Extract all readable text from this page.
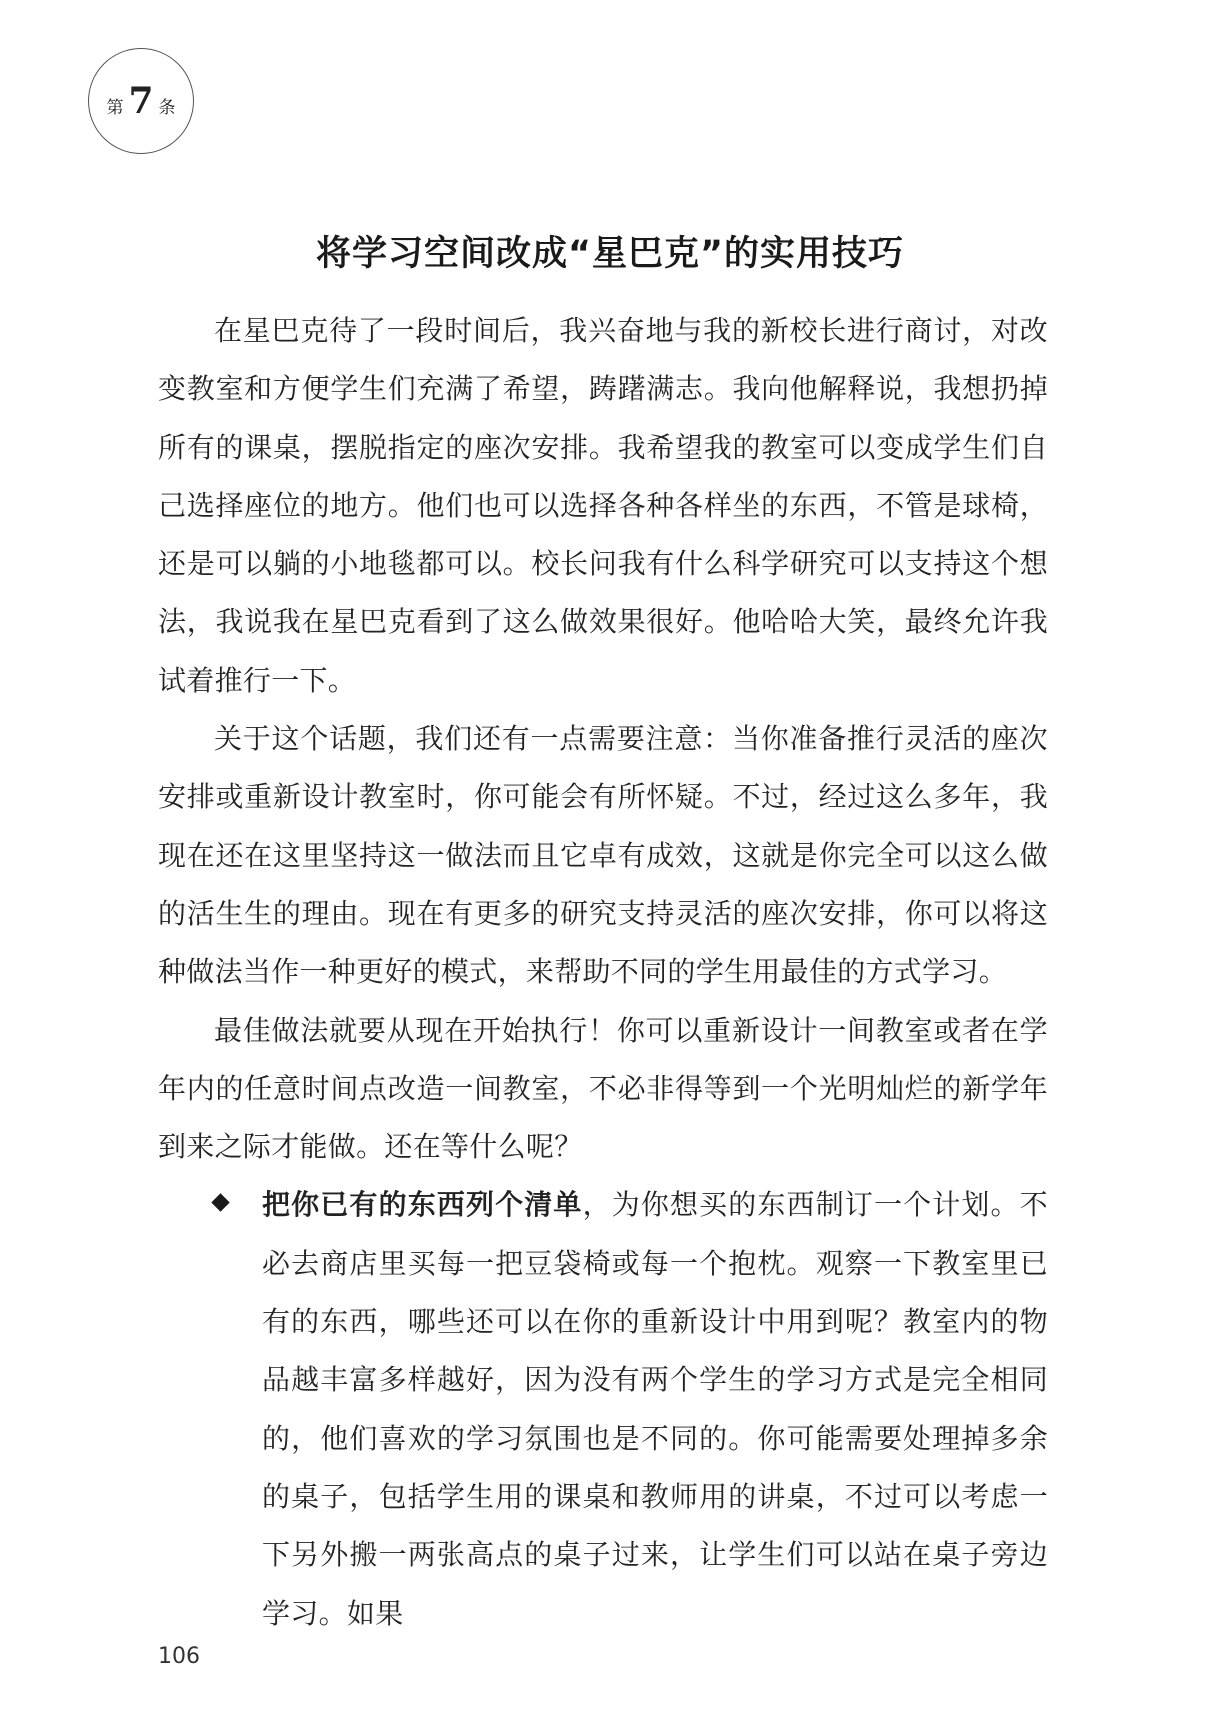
第 7 条
将学习空间改成“星巴克”的实用技巧

在星巴克待了一段时间后，我兴奋地与我的新校长进行商讨，对改变教室和方便学生们充满了希望，踌躇满志。我向他解释说，我想扔掉所有的课桌，摆脱指定的座次安排。我希望我的教室可以变成学生们自己选择座位的地方。他们也可以选择各种各样坐的东西，不管是球椅，还是可以躺的小地毯都可以。校长问我有什么科学研究可以支持这个想法，我说我在星巴克看到了这么做效果很好。他哈哈大笑，最终允许我试着推行一下。

关于这个话题，我们还有一点需要注意：当你准备推行灵活的座次安排或重新设计教室时，你可能会有所怀疑。不过，经过这么多年，我现在还在这里坚持这一做法而且它卓有成效，这就是你完全可以这么做的活生生的理由。现在有更多的研究支持灵活的座次安排，你可以将这种做法当作一种更好的模式，来帮助不同的学生用最佳的方式学习。

最佳做法就要从现在开始执行！你可以重新设计一间教室或者在学年内的任意时间点改造一间教室，不必非得等到一个光明灿烂的新学年到来之际才能做。还在等什么呢？

把你已有的东西列个清单，为你想买的东西制订一个计划。不必去商店里买每一把豆袋椅或每一个抱枕。观察一下教室里已有的东西，哪些还可以在你的重新设计中用到呢？教室内的物品越丰富多样越好，因为没有两个学生的学习方式是完全相同的，他们喜欢的学习氛围也是不同的。你可能需要处理掉多余的桌子，包括学生用的课桌和教师用的讲桌，不过可以考虑一下另外搬一两张高点的桌子过来，让学生们可以站在桌子旁边学习。如果
106
